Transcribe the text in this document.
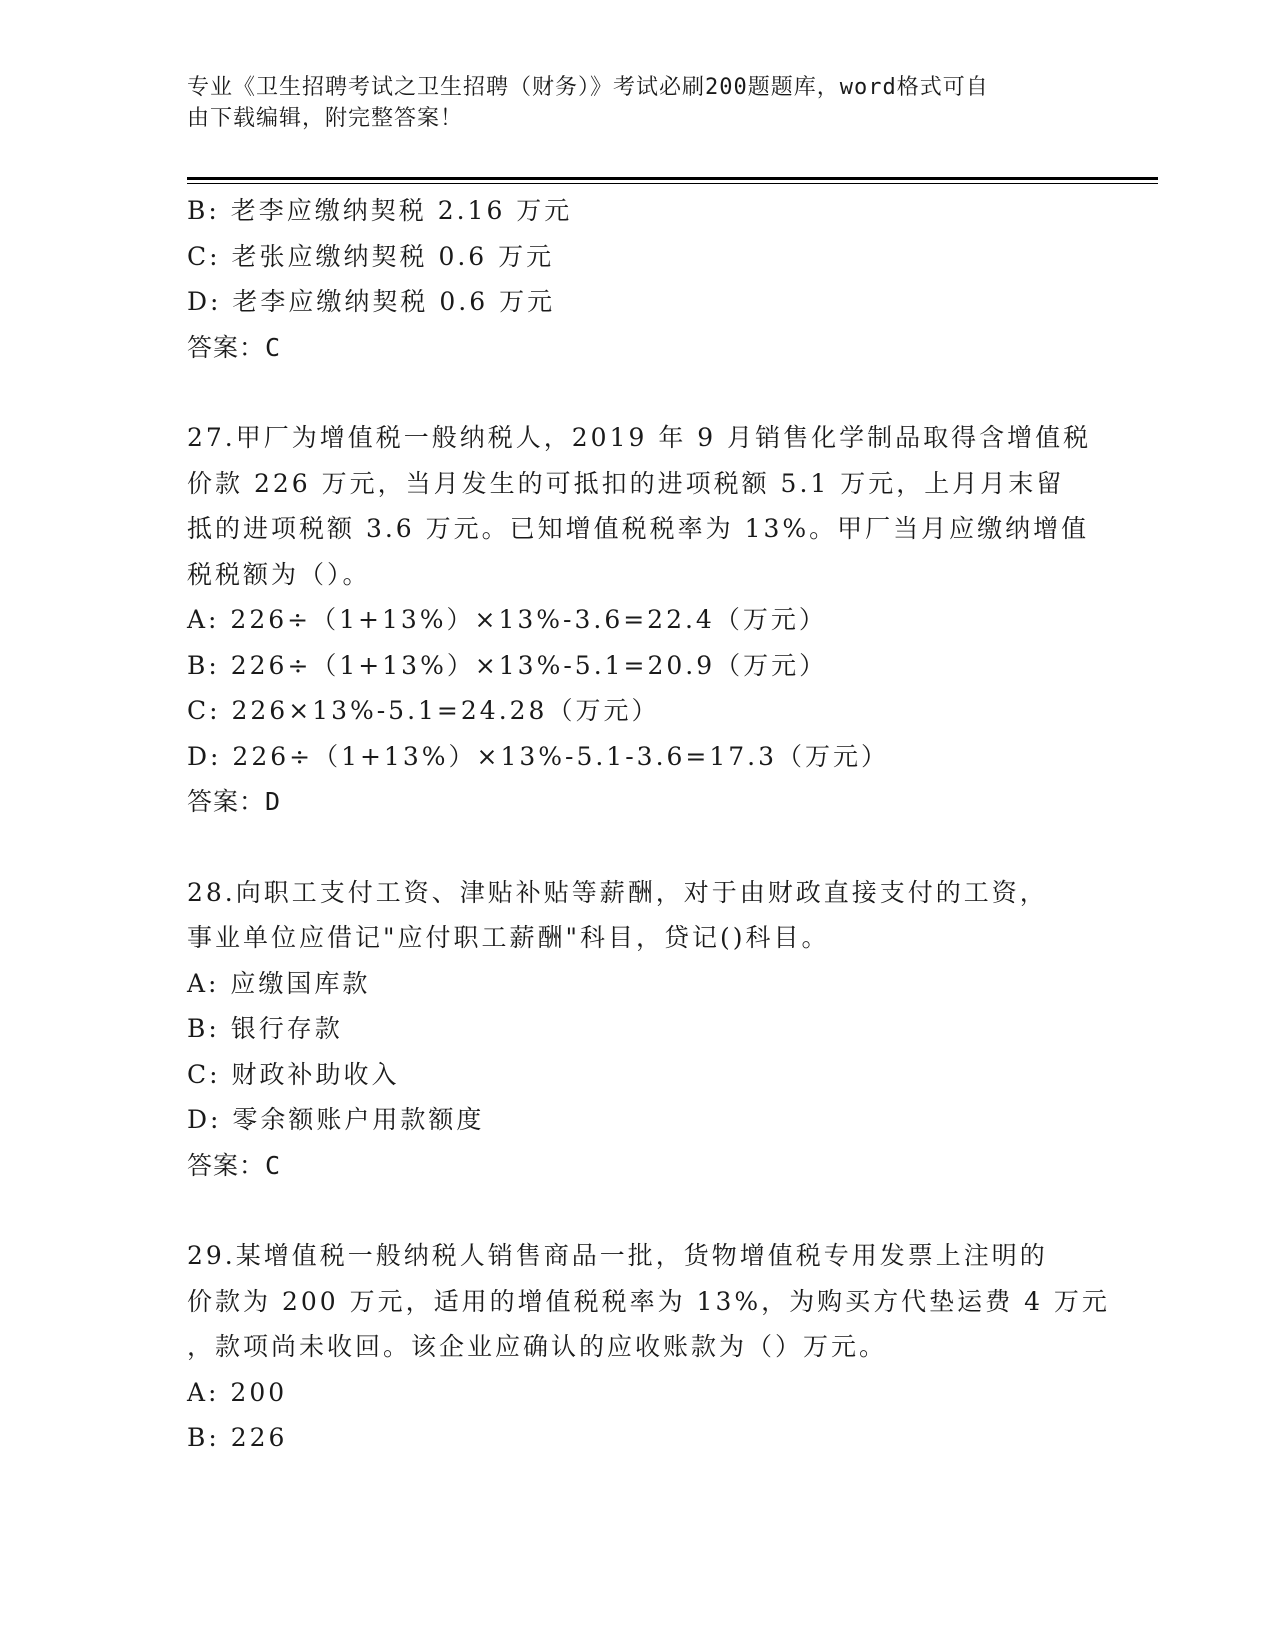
专业《卫生招聘考试之卫生招聘（财务）》考试必刷200题题库，word格式可自
由下载编辑，附完整答案！
B: 老李应缴纳契税 2.16 万元
C: 老张应缴纳契税 0.6 万元
D: 老李应缴纳契税 0.6 万元
答案：C
27.甲厂为增值税一般纳税人，2019 年 9 月销售化学制品取得含增值税
价款 226 万元，当月发生的可抵扣的进项税额 5.1 万元，上月月末留
抵的进项税额 3.6 万元。已知增值税税率为 13%。甲厂当月应缴纳增值
税税额为（）。
A: 226÷（1+13%）×13%-3.6=22.4（万元）
B: 226÷（1+13%）×13%-5.1=20.9（万元）
C: 226×13%-5.1=24.28（万元）
D: 226÷（1+13%）×13%-5.1-3.6=17.3（万元）
答案：D
28.向职工支付工资、津贴补贴等薪酬，对于由财政直接支付的工资，
事业单位应借记"应付职工薪酬"科目，贷记()科目。
A: 应缴国库款
B: 银行存款
C: 财政补助收入
D: 零余额账户用款额度
答案：C
29.某增值税一般纳税人销售商品一批，货物增值税专用发票上注明的
价款为 200 万元，适用的增值税税率为 13%，为购买方代垫运费 4 万元
，款项尚未收回。该企业应确认的应收账款为（）万元。
A: 200
B: 226
